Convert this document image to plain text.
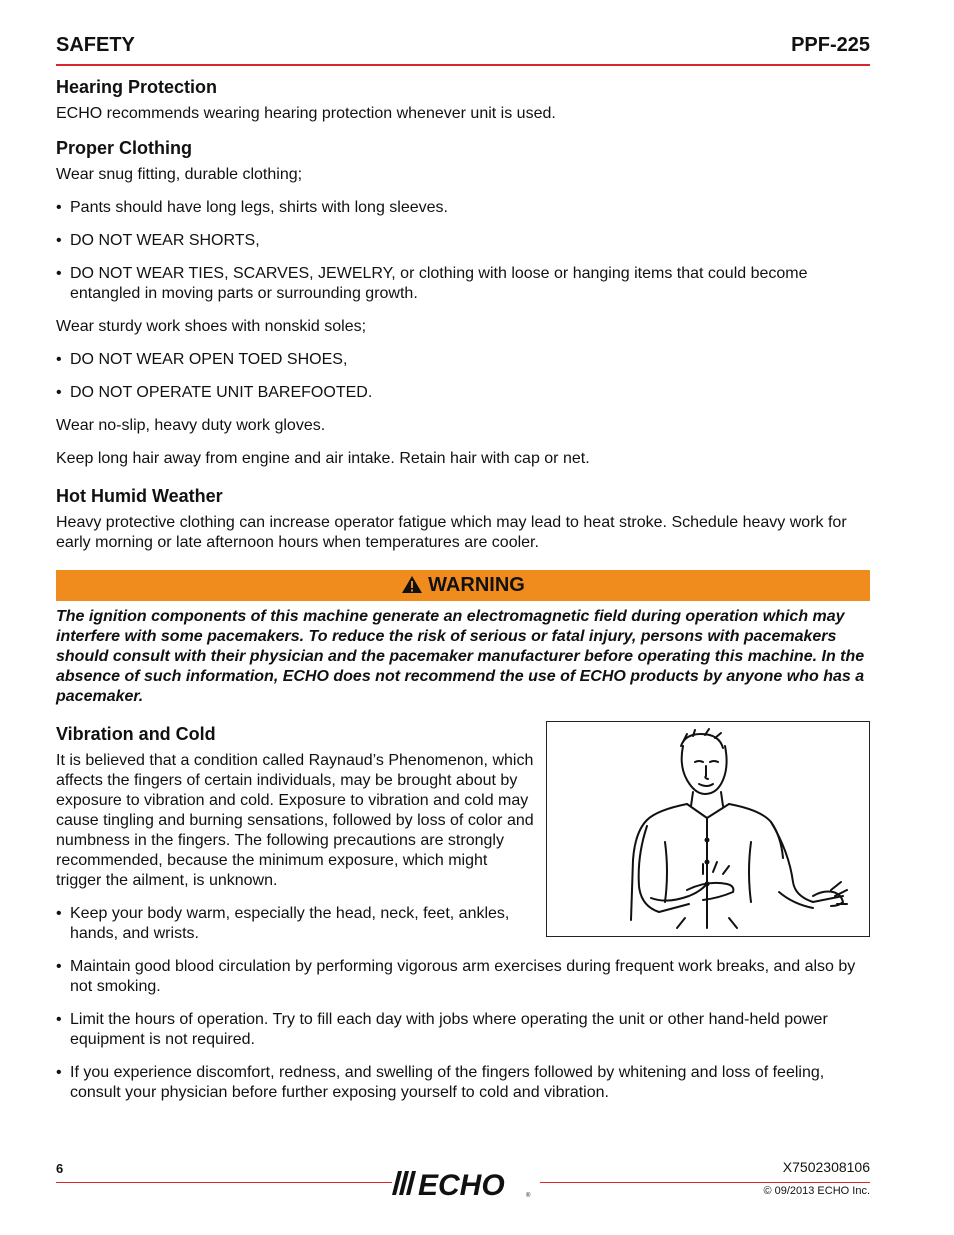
SAFETY	PPF-225
Hearing Protection

ECHO recommends wearing hearing protection whenever unit is used.

Proper Clothing

Wear snug fitting, durable clothing;

• Pants should have long legs, shirts with long sleeves.
• DO NOT WEAR SHORTS,
• DO NOT WEAR TIES, SCARVES, JEWELRY, or clothing with loose or hanging items that could become entangled in moving parts or surrounding growth.

Wear sturdy work shoes with nonskid soles;

• DO NOT WEAR OPEN TOED SHOES,
• DO NOT OPERATE UNIT BAREFOOTED.

Wear no-slip, heavy duty work gloves.

Keep long hair away from engine and air intake. Retain hair with cap or net.

Hot Humid Weather

Heavy protective clothing can increase operator fatigue which may lead to heat stroke. Schedule heavy work for early morning or late afternoon hours when temperatures are cooler.

WARNING

The ignition components of this machine generate an electromagnetic field during operation which may interfere with some pacemakers. To reduce the risk of serious or fatal injury, persons with pacemakers should consult with their physician and the pacemaker manufacturer before operating this machine. In the absence of such information, ECHO does not recommend the use of ECHO products by anyone who has a pacemaker.

Vibration and Cold

It is believed that a condition called Raynaud’s Phenomenon, which affects the fingers of certain individuals, may be brought about by exposure to vibration and cold. Exposure to vibration and cold may cause tingling and burning sensations, followed by loss of color and numbness in the fingers. The following precautions are strongly recommended, because the minimum exposure, which might trigger the ailment, is unknown.

• Keep your body warm, especially the head, neck, feet, ankles, hands, and wrists.
• Maintain good blood circulation by performing vigorous arm exercises during frequent work breaks, and also by not smoking.
• Limit the hours of operation. Try to fill each day with jobs where operating the unit or other hand-held power equipment is not required.
• If you experience discomfort, redness, and swelling of the fingers followed by whitening and loss of feeling, consult your physician before further exposing yourself to cold and vibration.
6
ECHO	®
X7502308106
© 09/2013 ECHO Inc.
